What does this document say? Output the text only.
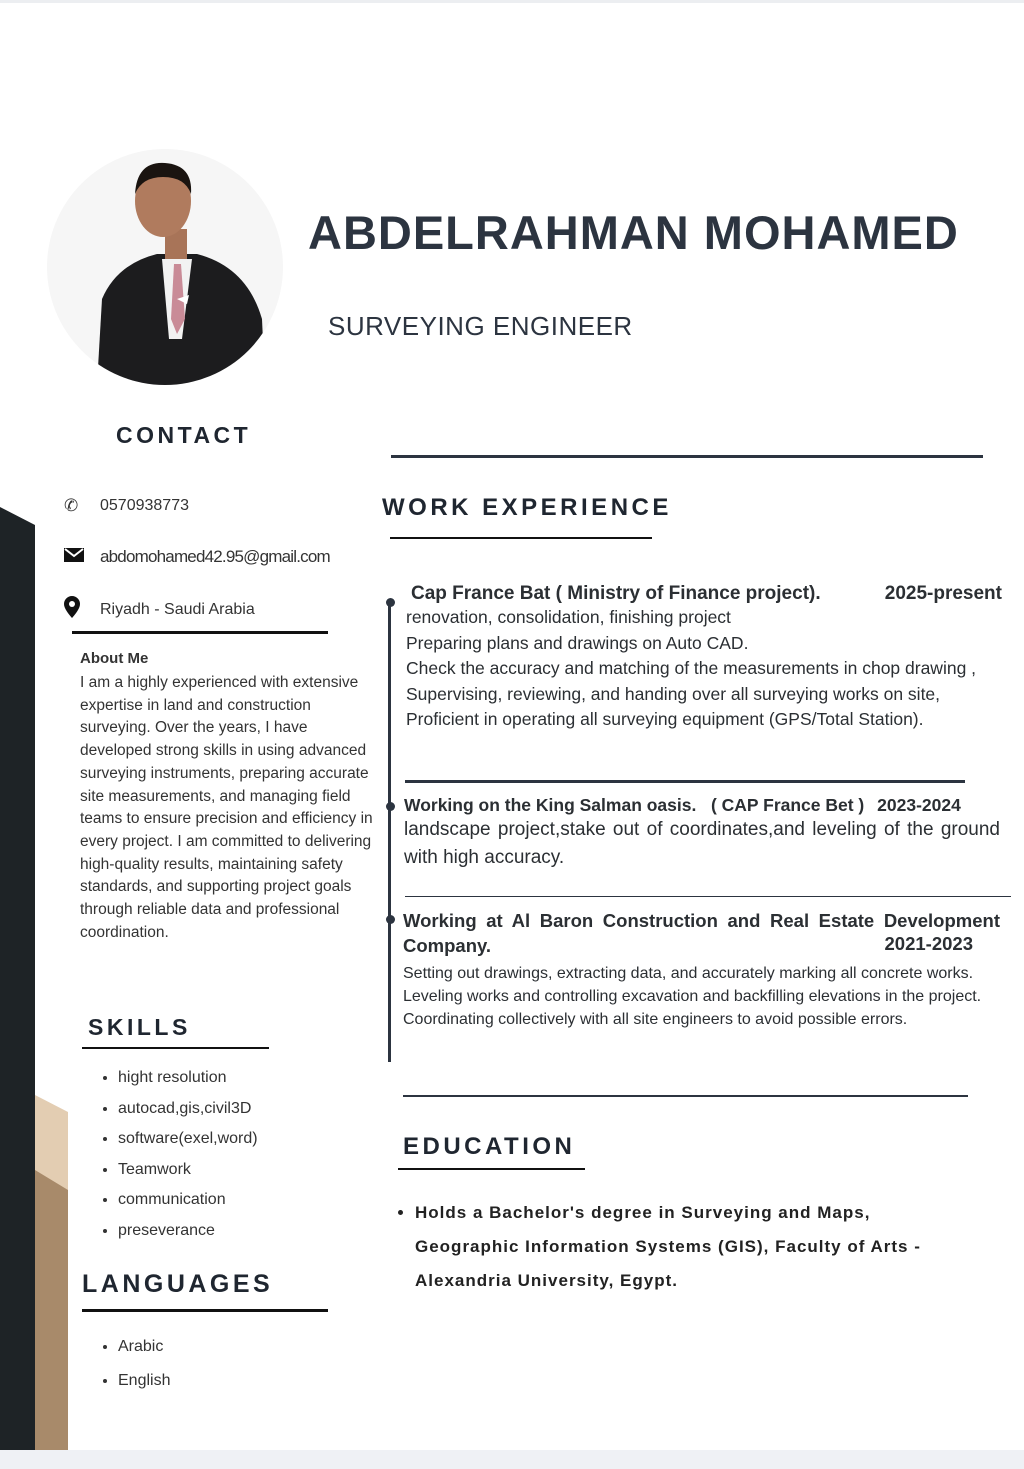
ABDELRAHMAN MOHAMED
SURVEYING ENGINEER
CONTACT
✆	0570938773
abdomohamed42.95@gmail.com
Riyadh - Saudi Arabia
About Me
I am a highly experienced with extensive expertise in land and construction surveying. Over the years, I have developed strong skills in using advanced surveying instruments, preparing accurate site measurements, and managing field teams to ensure precision and efficiency in every project. I am committed to delivering high-quality results, maintaining safety standards, and supporting project goals through reliable data and professional coordination.
SKILLS
• hight resolution
• autocad,gis,civil3D
• software(exel,word)
• Teamwork
• communication
• preseverance
LANGUAGES
• Arabic
• English
WORK EXPERIENCE
Cap France Bat ( Ministry of Finance project).	2025-present
renovation, consolidation, finishing project
Preparing plans and drawings on Auto CAD.
Check the accuracy and matching of the measurements in chop drawing ,
Supervising, reviewing, and handing over all surveying works on site,
Proficient in operating all surveying equipment (GPS/Total Station).
Working on the King Salman oasis.   ( CAP France Bet ) 2023-2024
landscape project,stake out of coordinates,and leveling of the ground with high accuracy.
Working at Al Baron Construction and Real Estate Development Company.	2021-2023
Setting out drawings, extracting data, and accurately marking all concrete works.
Leveling works and controlling excavation and backfilling elevations in the project.
Coordinating collectively with all site engineers to avoid possible errors.
EDUCATION
• Holds a Bachelor's degree in Surveying and Maps, Geographic Information Systems (GIS), Faculty of Arts - Alexandria University, Egypt.
